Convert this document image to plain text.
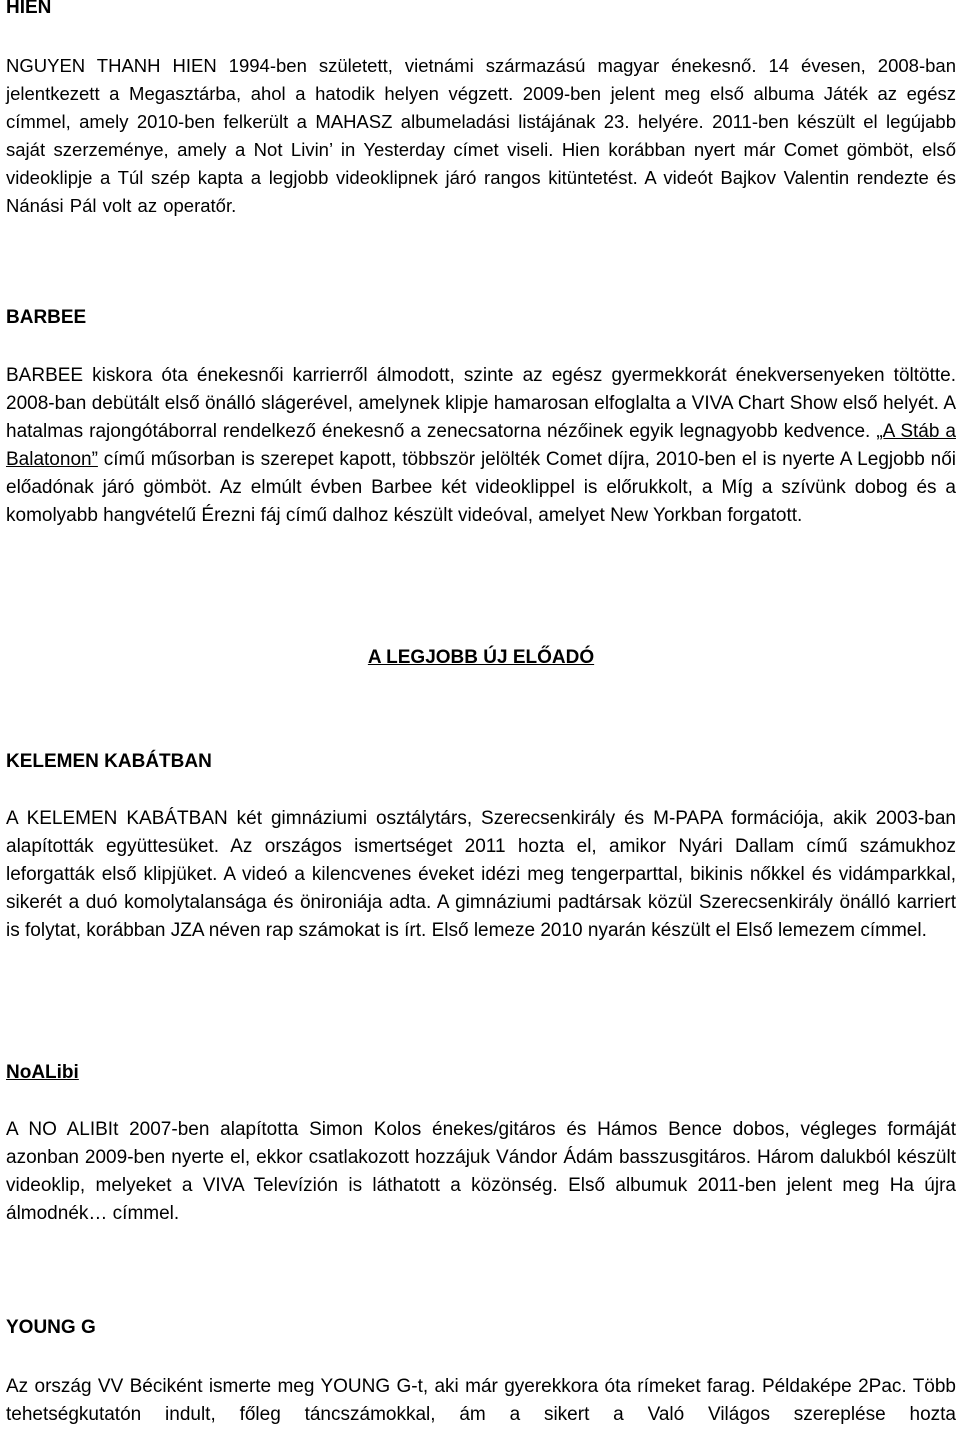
HIEN

NGUYEN THANH HIEN 1994-ben született, vietnámi származású magyar énekesnő. 14 évesen, 2008-ban jelentkezett a Megasztárba, ahol a hatodik helyen végzett. 2009-ben jelent meg első albuma Játék az egész címmel, amely 2010-ben felkerült a MAHASZ albumeladási listájának 23. helyére. 2011-ben készült el legújabb saját szerzeménye, amely a Not Livin’ in Yesterday címet viseli. Hien korábban nyert már Comet gömböt, első videoklipje a Túl szép kapta a legjobb videoklipnek járó rangos kitüntetést. A videót Bajkov Valentin rendezte és Nánási Pál volt az operatőr.

BARBEE

BARBEE kiskora óta énekesnői karrierről álmodott, szinte az egész gyermekkorát énekversenyeken töltötte. 2008-ban debütált első önálló slágerével, amelynek klipje hamarosan elfoglalta a VIVA Chart Show első helyét. A hatalmas rajongótáborral rendelkező énekesnő a zenecsatorna nézőinek egyik legnagyobb kedvence. „A Stáb a Balatonon” című műsorban is szerepet kapott, többször jelölték Comet díjra, 2010-ben el is nyerte A Legjobb női előadónak járó gömböt. Az elmúlt évben Barbee két videoklippel is előrukkolt, a Míg a szívünk dobog és a komolyabb hangvételű Érezni fáj című dalhoz készült videóval, amelyet New Yorkban forgatott.

A LEGJOBB ÚJ ELŐADÓ
KELEMEN KABÁTBAN

A KELEMEN KABÁTBAN két gimnáziumi osztálytárs, Szerecsenkirály és M-PAPA formációja, akik 2003-ban alapították együttesüket. Az országos ismertséget 2011 hozta el, amikor Nyári Dallam című számukhoz leforgatták első klipjüket. A videó a kilencvenes éveket idézi meg tengerparttal, bikinis nőkkel és vidámparkkal, sikerét a duó komolytalansága és önironiája adta. A gimnáziumi padtársak közül Szerecsenkirály önálló karriert is folytat, korábban JZA néven rap számokat is írt. Első lemeze 2010 nyarán készült el Első lemezem címmel.

NoALibi

A NO ALIBIt 2007-ben alapította Simon Kolos énekes/gitáros és Hámos Bence dobos, végleges formáját azonban 2009-ben nyerte el, ekkor csatlakozott hozzájuk Vándor Ádám basszusgitáros. Három dalukból készült videoklip, melyeket a VIVA Televízión is láthatott a közönség. Első albumuk 2011-ben jelent meg Ha újra álmodnék… címmel.

YOUNG G

Az ország VV Béciként ismerte meg YOUNG G-t, aki már gyerekkora óta rímeket farag. Példaképe 2Pac. Több tehetségkutatón indult, főleg táncszámokkal, ám a sikert a Való Világos szereplése hozta
